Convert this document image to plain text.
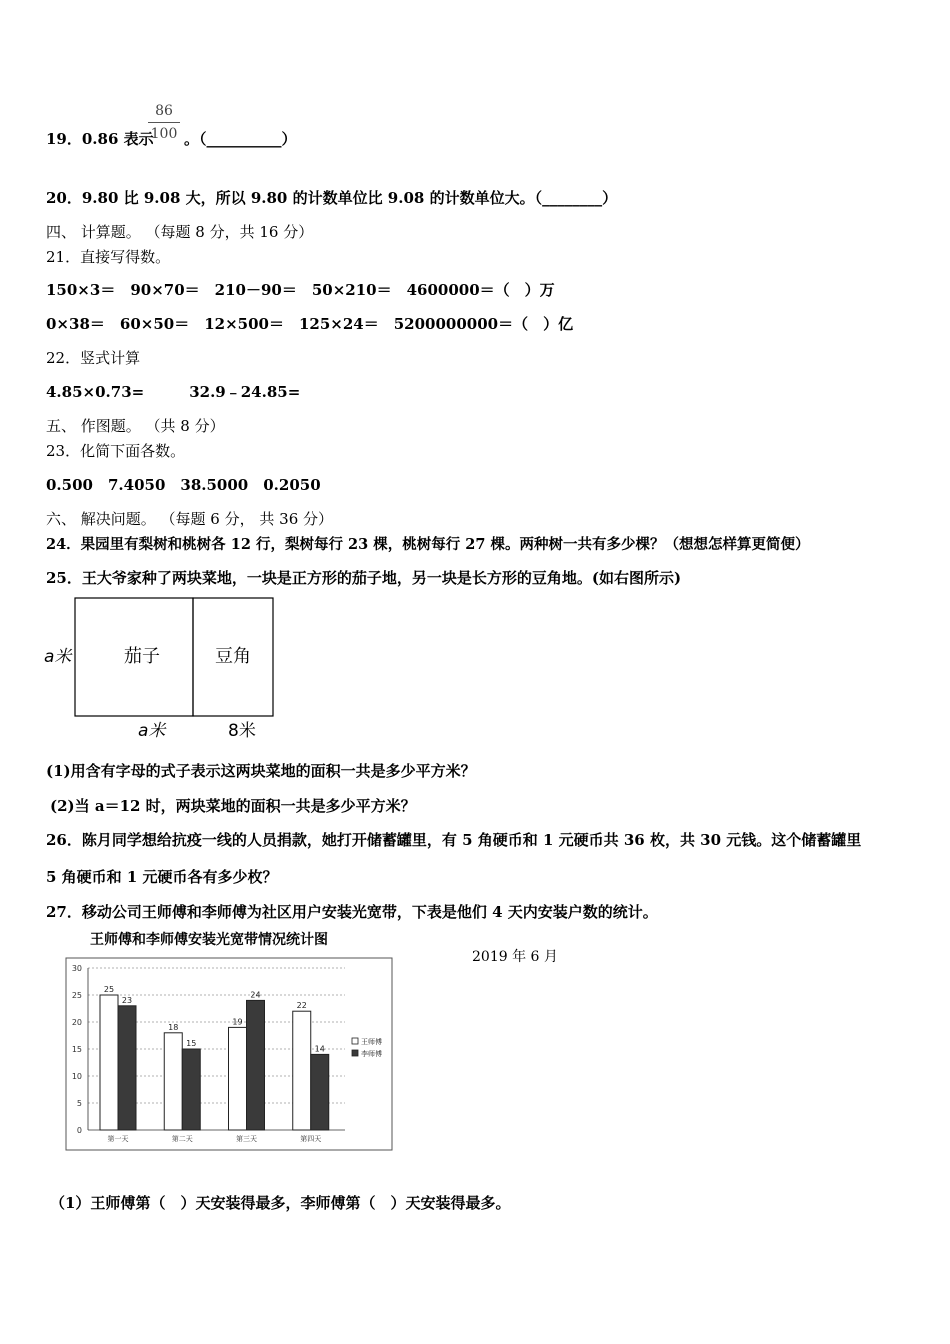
19．0.86 表示
86
100 。（__________）
20．9.80 比 9.08 大，所以 9.80 的计数单位比 9.08 的计数单位大。（________）
四、 计算题。 （每题 8 分，共 16 分）
21．直接写得数。
150×3＝　90×70＝　210－90＝　50×210＝　4600000＝（　）万
0×38＝　60×50＝　12×500＝　125×24＝　5200000000＝（　）亿
22．竖式计算
4.85×0.73=　　　32.9﹣24.85=
五、 作图题。 （共 8 分）
23．化简下面各数。
0.500　7.4050　38.5000　0.2050
六、 解决问题。 （每题 6 分， 共 36 分）
24．果园里有梨树和桃树各 12 行，梨树每行 23 棵，桃树每行 27 棵。两种树一共有多少棵？（想想怎样算更简便）
25．王大爷家种了两块菜地，一块是正方形的茄子地，另一块是长方形的豆角地。(如右图所示)
a米	茄子	豆角
a米	8米
(1)用含有字母的式子表示这两块菜地的面积一共是多少平方米？
(2)当 a＝12 时，两块菜地的面积一共是多少平方米？
26．陈月同学想给抗疫一线的人员捐款，她打开储蓄罐里，有 5 角硬币和 1 元硬币共 36 枚，共 30 元钱。这个储蓄罐里
5 角硬币和 1 元硬币各有多少枚？
27．移动公司王师傅和李师傅为社区用户安装光宽带，下表是他们 4 天内安装户数的统计。
王师傅和李师傅安装光宽带情况统计图
0
5
10
15
20
25
30
25
23
第一天
18
15
第二天
19
24
第三天
22
14
第四天
王师傅
李师傅
2019 年 6 月
（1）王师傅第（　）天安装得最多，李师傅第（　）天安装得最多。
